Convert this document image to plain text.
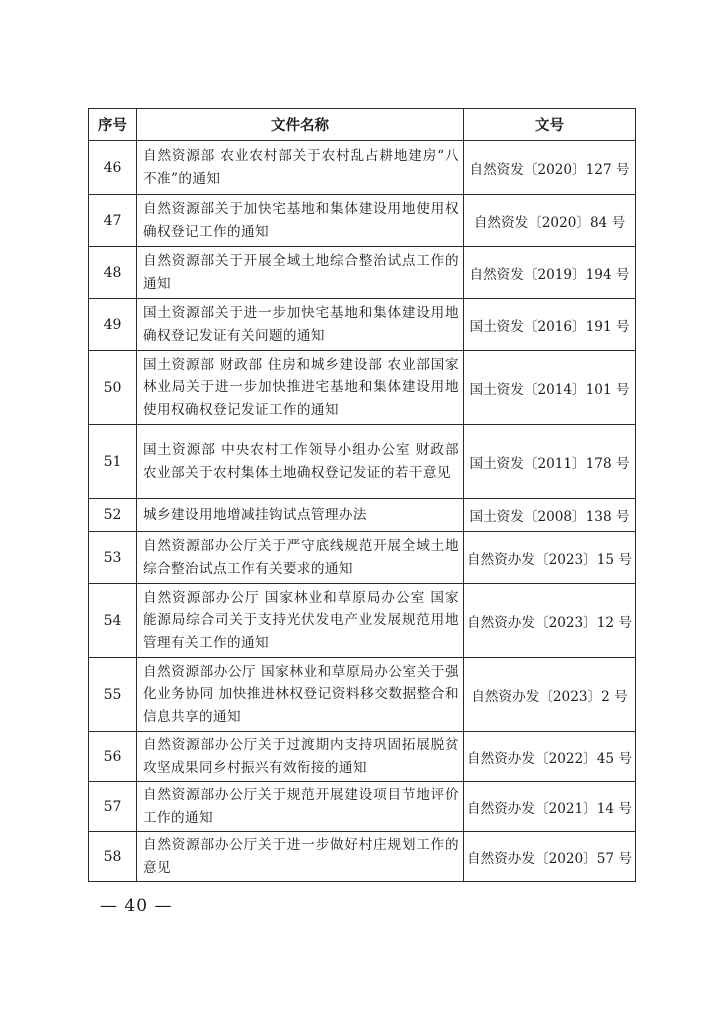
序号	文件名称	文号
46	自然资源部 农业农村部关于农村乱占耕地建房“八不准”的通知	自然资发〔2020〕127 号
47	自然资源部关于加快宅基地和集体建设用地使用权确权登记工作的通知	自然资发〔2020〕84 号
48	自然资源部关于开展全域土地综合整治试点工作的通知	自然资发〔2019〕194 号
49	国土资源部关于进一步加快宅基地和集体建设用地确权登记发证有关问题的通知	国土资发〔2016〕191 号
50	国土资源部 财政部 住房和城乡建设部 农业部国家林业局关于进一步加快推进宅基地和集体建设用地使用权确权登记发证工作的通知	国土资发〔2014〕101 号
51	国土资源部 中央农村工作领导小组办公室 财政部 农业部关于农村集体土地确权登记发证的若干意见	国土资发〔2011〕178 号
52	城乡建设用地增减挂钩试点管理办法	国土资发〔2008〕138 号
53	自然资源部办公厅关于严守底线规范开展全域土地综合整治试点工作有关要求的通知	自然资办发〔2023〕15 号
54	自然资源部办公厅 国家林业和草原局办公室 国家能源局综合司关于支持光伏发电产业发展规范用地管理有关工作的通知	自然资办发〔2023〕12 号
55	自然资源部办公厅 国家林业和草原局办公室关于强化业务协同 加快推进林权登记资料移交数据整合和信息共享的通知	自然资办发〔2023〕2 号
56	自然资源部办公厅关于过渡期内支持巩固拓展脱贫攻坚成果同乡村振兴有效衔接的通知	自然资办发〔2022〕45 号
57	自然资源部办公厅关于规范开展建设项目节地评价工作的通知	自然资办发〔2021〕14 号
58	自然资源部办公厅关于进一步做好村庄规划工作的意见	自然资办发〔2020〕57 号
— 40 —
